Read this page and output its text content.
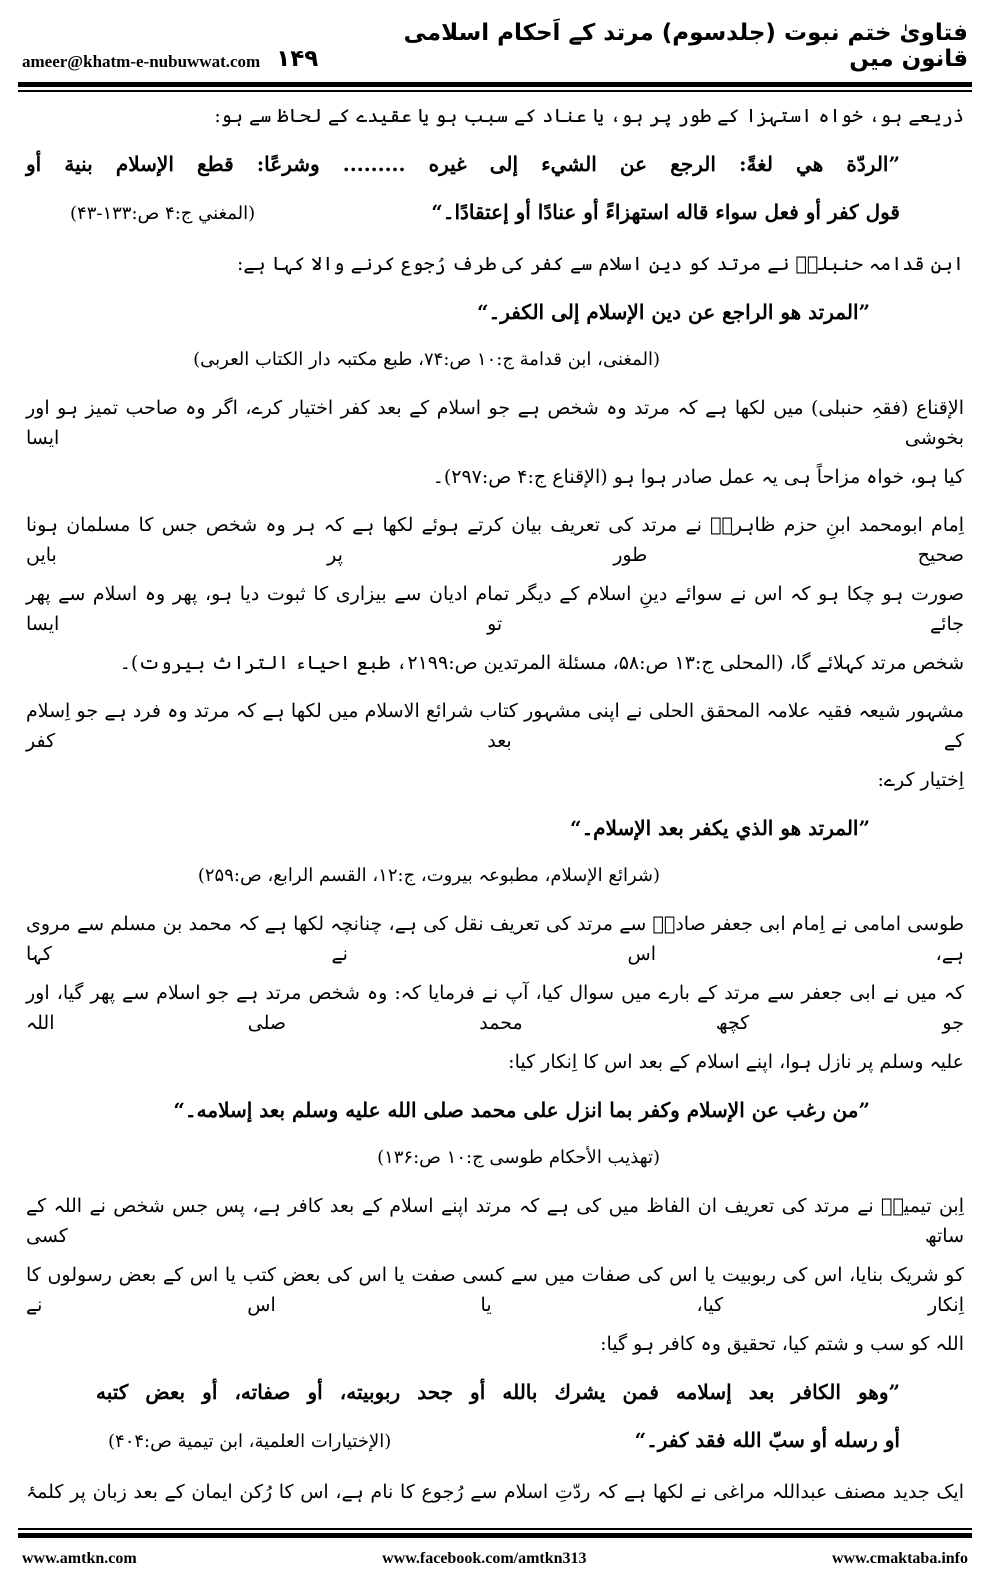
ameer@khatm-e-nubuwwat.com
فتاویٰ ختم نبوت (جلدسوم) مرتد کے اَحکام اسلامی قانون میں
۱۴۹
ذریعے ہو، خواہ استہزا کے طور پر ہو، یا عناد کے سبب ہو یا عقیدے کے لحاظ سے ہو:
”الردّة هي لغةً: الرجع عن الشيء إلى غيره ......... وشرعًا: قطع الإسلام بنية أو
قول كفر أو فعل سواء قاله استهزاءً أو عنادًا أو إعتقادًا۔“
(المغني ج:۴ ص:۱۳۳-۴۳)
ابن قدامہ حنبلیؒ نے مرتد کو دینِ اسلام سے کفر کی طرف رُجوع کرنے والا کہا ہے:
”المرتد هو الراجع عن دين الإسلام إلى الكفر۔“
(المغنی، ابن قدامة ج:۱۰ ص:۷۴، طبع مکتبہ دار الکتاب العربی)
الإقناع (فقہِ حنبلی) میں لکھا ہے کہ مرتد وہ شخص ہے جو اسلام کے بعد کفر اختیار کرے، اگر وہ صاحب تمیز ہو اور بخوشی ایسا
کیا ہو، خواہ مزاحاً ہی یہ عمل صادر ہوا ہو (الإقناع ج:۴ ص:۲۹۷)۔
اِمام ابومحمد ابنِ حزم ظاہریؒ نے مرتد کی تعریف بیان کرتے ہوئے لکھا ہے کہ ہر وہ شخص جس کا مسلمان ہونا صحیح طور پر بایں
صورت ہو چکا ہو کہ اس نے سوائے دینِ اسلام کے دیگر تمام ادیان سے بیزاری کا ثبوت دیا ہو، پھر وہ اسلام سے پھر جائے تو ایسا
شخص مرتد کہلائے گا، (المحلی ج:۱۳ ص:۵۸، مسئلة المرتدین ص:۲۱۹۹، طبع احیاء التراث بیروت)۔
مشہور شیعہ فقیہ علامہ المحقق الحلی نے اپنی مشہور کتاب شرائع الاسلام میں لکھا ہے کہ مرتد وہ فرد ہے جو اِسلام کے بعد کفر
اِختیار کرے:
”المرتد هو الذي يكفر بعد الإسلام۔“
(شرائع الإسلام، مطبوعہ بیروت، ج:۱۲، القسم الرابع، ص:۲۵۹)
طوسی امامی نے اِمام ابی جعفر صادقؒ سے مرتد کی تعریف نقل کی ہے، چنانچہ لکھا ہے کہ محمد بن مسلم سے مروی ہے، اس نے کہا
کہ میں نے ابی جعفر سے مرتد کے بارے میں سوال کیا، آپ نے فرمایا کہ: وہ شخص مرتد ہے جو اسلام سے پھر گیا، اور جو کچھ محمد صلی اللہ
علیہ وسلم پر نازل ہوا، اپنے اسلام کے بعد اس کا اِنکار کیا:
”من رغب عن الإسلام وكفر بما انزل على محمد صلى الله عليه وسلم بعد إسلامه۔“
(تهذيب الأحكام طوسی ج:۱۰ ص:۱۳۶)
اِبن تیمیہؒ نے مرتد کی تعریف ان الفاظ میں کی ہے کہ مرتد اپنے اسلام کے بعد کافر ہے، پس جس شخص نے اللہ کے ساتھ کسی
کو شریک بنایا، اس کی ربوبیت یا اس کی صفات میں سے کسی صفت یا اس کی بعض کتب یا اس کے بعض رسولوں کا اِنکار کیا، یا اس نے
اللہ کو سب و شتم کیا، تحقیق وہ کافر ہو گیا:
”وهو الكافر بعد إسلامه فمن يشرك بالله أو جحد ربوبيته، أو صفاته، أو بعض كتبه
أو رسله أو سبّ الله فقد كفر۔“
(الإختيارات العلمية، ابن تيمية ص:۴۰۴)
ایک جدید مصنف عبداللہ مراغی نے لکھا ہے کہ ردّتِ اسلام سے رُجوع کا نام ہے، اس کا رُکن ایمان کے بعد زبان پر کلمۂ
www.amtkn.com	www.facebook.com/amtkn313	www.cmaktaba.info
